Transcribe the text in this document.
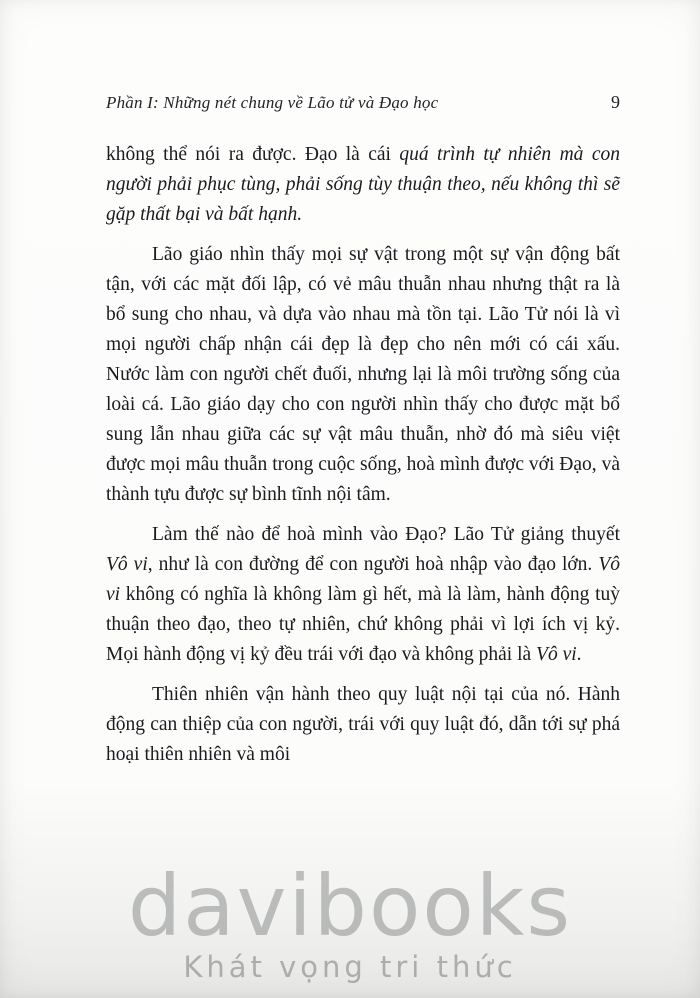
Phần I: Những nét chung về Lão tử và Đạo học	9

không thể nói ra được. Đạo là cái quá trình tự nhiên mà con người phải phục tùng, phải sống tùy thuận theo, nếu không thì sẽ gặp thất bại và bất hạnh.

Lão giáo nhìn thấy mọi sự vật trong một sự vận động bất tận, với các mặt đối lập, có vẻ mâu thuẫn nhau nhưng thật ra là bổ sung cho nhau, và dựa vào nhau mà tồn tại. Lão Tử nói là vì mọi người chấp nhận cái đẹp là đẹp cho nên mới có cái xấu. Nước làm con người chết đuối, nhưng lại là môi trường sống của loài cá. Lão giáo dạy cho con người nhìn thấy cho được mặt bổ sung lẫn nhau giữa các sự vật mâu thuẫn, nhờ đó mà siêu việt được mọi mâu thuẫn trong cuộc sống, hoà mình được với Đạo, và thành tựu được sự bình tĩnh nội tâm.

Làm thế nào để hoà mình vào Đạo? Lão Tử giảng thuyết Vô vi, như là con đường để con người hoà nhập vào đạo lớn. Vô vi không có nghĩa là không làm gì hết, mà là làm, hành động tuỳ thuận theo đạo, theo tự nhiên, chứ không phải vì lợi ích vị kỷ. Mọi hành động vị kỷ đều trái với đạo và không phải là Vô vi.

Thiên nhiên vận hành theo quy luật nội tại của nó. Hành động can thiệp của con người, trái với quy luật đó, dẫn tới sự phá hoại thiên nhiên và môi

davibooks
Khát vọng tri thức
